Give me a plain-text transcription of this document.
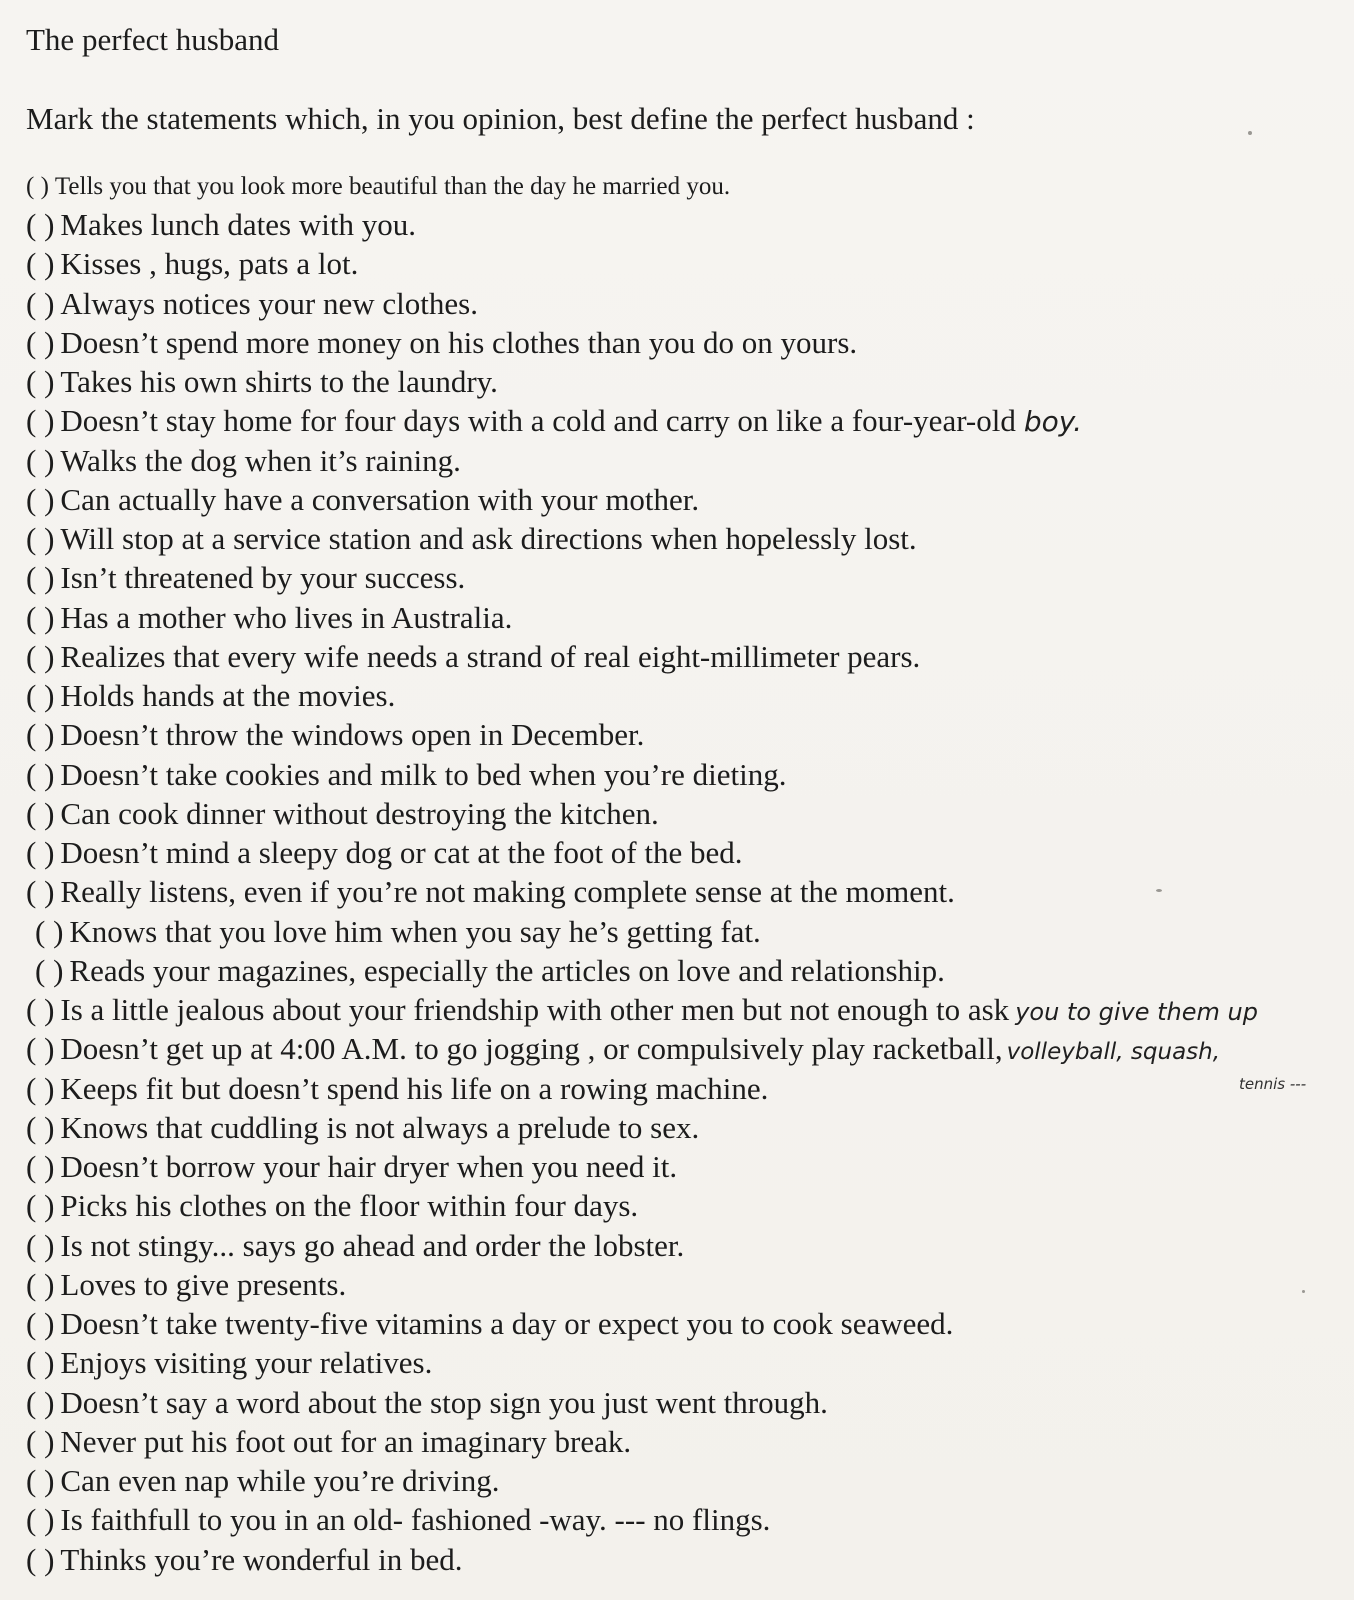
The perfect husband
Mark the statements which, in you opinion, best define the perfect husband :
( ) Tells you that you look more beautiful than the day he married you.
( ) Makes lunch dates with you.
( ) Kisses , hugs, pats a lot.
( ) Always notices your new clothes.
( ) Doesn’t spend more money on his clothes than you do on yours.
( ) Takes his own shirts to the laundry.
( ) Doesn’t stay home for four days with a cold and carry on like a four-year-old boy.
( ) Walks the dog when it’s raining.
( ) Can actually have a conversation with your mother.
( ) Will stop at a service station and ask directions when hopelessly lost.
( ) Isn’t threatened by your success.
( ) Has a mother who lives in Australia.
( ) Realizes that every wife needs a strand of real eight-millimeter pears.
( ) Holds hands at the movies.
( ) Doesn’t throw the windows open in December.
( ) Doesn’t take cookies and milk to bed when you’re dieting.
( ) Can cook dinner without destroying the kitchen.
( ) Doesn’t mind a sleepy dog or cat at the foot of the bed.
( ) Really listens, even if you’re not making complete sense at the moment.
( ) Knows that you love him when you say he’s getting fat.
( ) Reads your magazines, especially the articles on love and relationship.
( ) Is a little jealous about your friendship with other men but not enough to ask you to give them up
( ) Doesn’t get up at 4:00 A.M. to go jogging , or compulsively play racketball, volleyball, squash,
( ) Keeps fit but doesn’t spend his life on a rowing machine.
( ) Knows that cuddling is not always a prelude to sex.
( ) Doesn’t borrow your hair dryer when you need it.
( ) Picks his clothes on the floor within four days.
( ) Is not stingy... says go ahead and order the lobster.
( ) Loves to give presents.
( ) Doesn’t take twenty-five vitamins a day or expect you to cook seaweed.
( ) Enjoys visiting your relatives.
( ) Doesn’t say a word about the stop sign you just went through.
( ) Never put his foot out for an imaginary break.
( ) Can even nap while you’re driving.
( ) Is faithfull to you in an old- fashioned -way. --- no flings.
( ) Thinks you’re wonderful in bed.
tennis ---
